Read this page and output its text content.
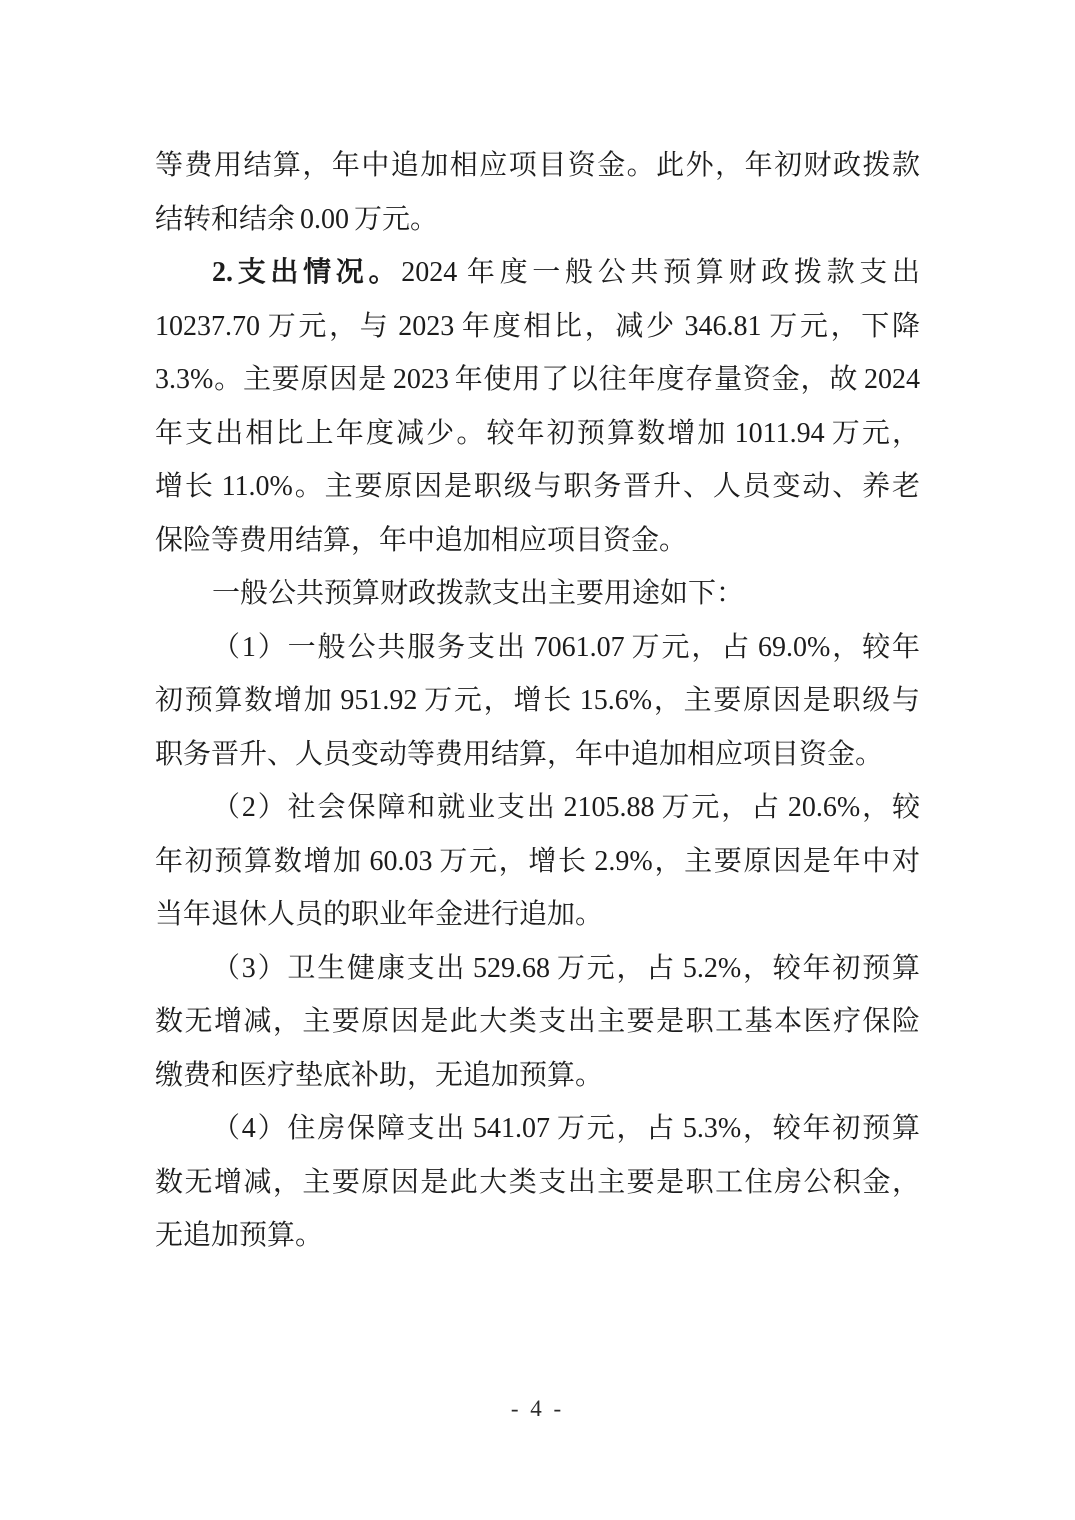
等费用结算，年中追加相应项目资金。此外，年初财政拨款
结转和结余 0.00 万元。
2.支出情况。2024 年度一般公共预算财政拨款支出
10237.70 万元，与 2023 年度相比，减少 346.81 万元，下降
3.3%。主要原因是 2023 年使用了以往年度存量资金，故 2024
年支出相比上年度减少。较年初预算数增加 1011.94 万元，
增长 11.0%。主要原因是职级与职务晋升、人员变动、养老
保险等费用结算，年中追加相应项目资金。
一般公共预算财政拨款支出主要用途如下：
（1）一般公共服务支出 7061.07 万元，占 69.0%，较年
初预算数增加 951.92 万元，增长 15.6%，主要原因是职级与
职务晋升、人员变动等费用结算，年中追加相应项目资金。
（2）社会保障和就业支出 2105.88 万元，占 20.6%，较
年初预算数增加 60.03 万元，增长 2.9%，主要原因是年中对
当年退休人员的职业年金进行追加。
（3）卫生健康支出 529.68 万元，占 5.2%，较年初预算
数无增减，主要原因是此大类支出主要是职工基本医疗保险
缴费和医疗垫底补助，无追加预算。
（4）住房保障支出 541.07 万元，占 5.3%，较年初预算
数无增减，主要原因是此大类支出主要是职工住房公积金，
无追加预算。
- 4 -
